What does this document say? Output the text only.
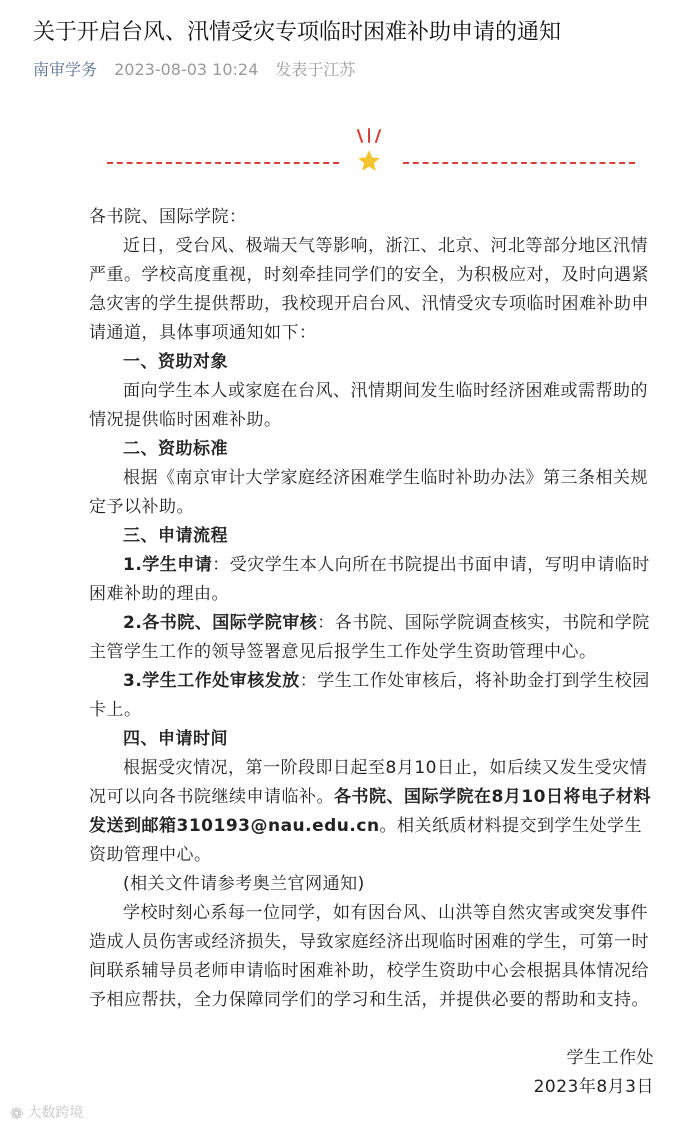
关于开启台风、汛情受灾专项临时困难补助申请的通知
南审学务 2023-08-03 10:24 发表于江苏

各书院、国际学院：

近日，受台风、极端天气等影响，浙江、北京、河北等部分地区汛情严重。学校高度重视，时刻牵挂同学们的安全，为积极应对，及时向遇紧急灾害的学生提供帮助，我校现开启台风、汛情受灾专项临时困难补助申请通道，具体事项通知如下：

一、资助对象

面向学生本人或家庭在台风、汛情期间发生临时经济困难或需帮助的情况提供临时困难补助。

二、资助标准

根据《南京审计大学家庭经济困难学生临时补助办法》第三条相关规定予以补助。

三、申请流程

1.学生申请：受灾学生本人向所在书院提出书面申请，写明申请临时困难补助的理由。

2.各书院、国际学院审核：各书院、国际学院调查核实，书院和学院主管学生工作的领导签署意见后报学生工作处学生资助管理中心。

3.学生工作处审核发放：学生工作处审核后，将补助金打到学生校园卡上。

四、申请时间

根据受灾情况，第一阶段即日起至8月10日止，如后续又发生受灾情况可以向各书院继续申请临补。各书院、国际学院在8月10日将电子材料发送到邮箱310193@nau.edu.cn。相关纸质材料提交到学生处学生资助管理中心。

(相关文件请参考奥兰官网通知)

学校时刻心系每一位同学，如有因台风、山洪等自然灾害或突发事件造成人员伤害或经济损失，导致家庭经济出现临时困难的学生，可第一时间联系辅导员老师申请临时困难补助，校学生资助中心会根据具体情况给予相应帮扶，全力保障同学们的学习和生活，并提供必要的帮助和支持。

学生工作处

2023年8月3日

❁ 大数跨境
